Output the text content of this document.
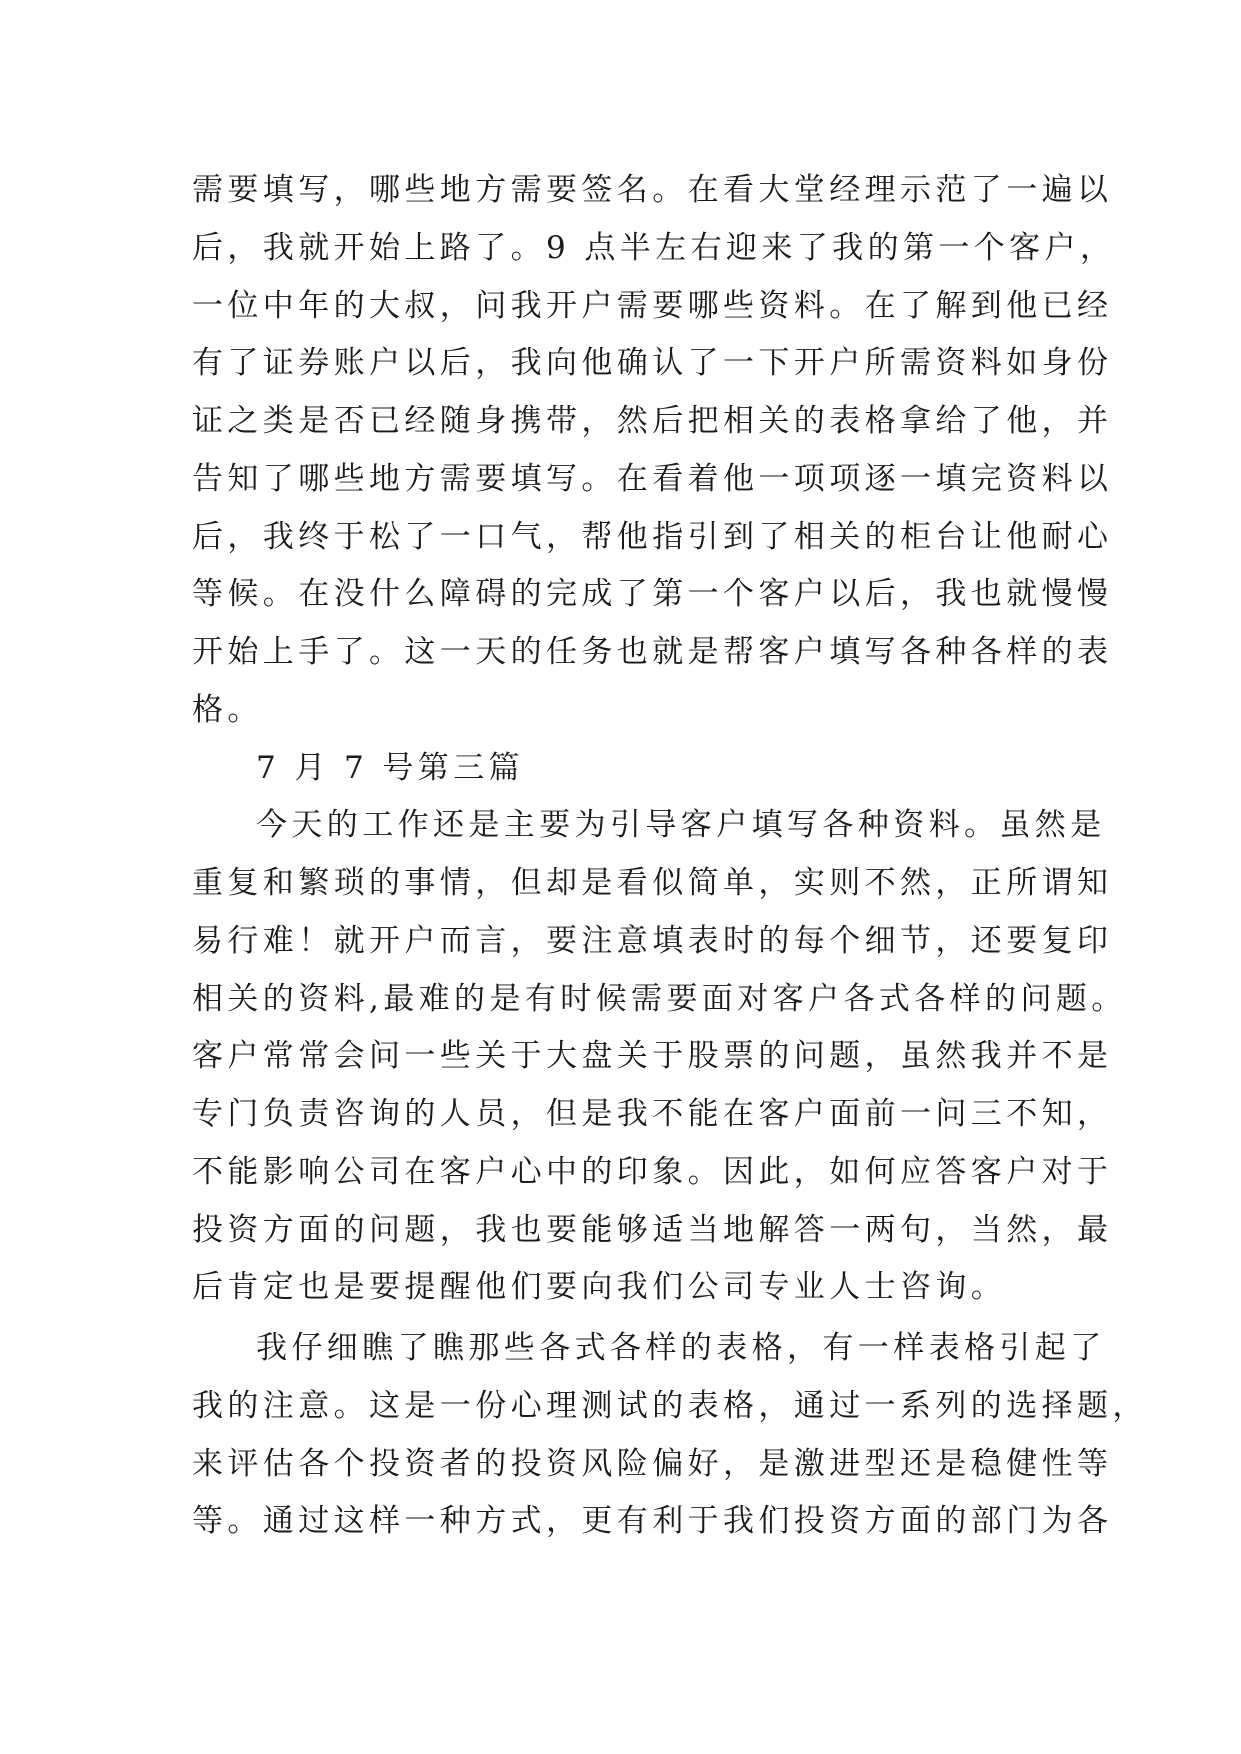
需要填写，哪些地方需要签名。在看大堂经理示范了一遍以
后，我就开始上路了。9 点半左右迎来了我的第一个客户，
一位中年的大叔，问我开户需要哪些资料。在了解到他已经
有了证券账户以后，我向他确认了一下开户所需资料如身份
证之类是否已经随身携带，然后把相关的表格拿给了他，并
告知了哪些地方需要填写。在看着他一项项逐一填完资料以
后，我终于松了一口气，帮他指引到了相关的柜台让他耐心
等候。在没什么障碍的完成了第一个客户以后，我也就慢慢
开始上手了。这一天的任务也就是帮客户填写各种各样的表
格。
7 月 7 号第三篇
今天的工作还是主要为引导客户填写各种资料。虽然是
重复和繁琐的事情，但却是看似简单，实则不然，正所谓知
易行难！就开户而言，要注意填表时的每个细节，还要复印
相关的资料,最难的是有时候需要面对客户各式各样的问题。
客户常常会问一些关于大盘关于股票的问题，虽然我并不是
专门负责咨询的人员，但是我不能在客户面前一问三不知，
不能影响公司在客户心中的印象。因此，如何应答客户对于
投资方面的问题，我也要能够适当地解答一两句，当然，最
后肯定也是要提醒他们要向我们公司专业人士咨询。
我仔细瞧了瞧那些各式各样的表格，有一样表格引起了
我的注意。这是一份心理测试的表格，通过一系列的选择题，
来评估各个投资者的投资风险偏好，是激进型还是稳健性等
等。通过这样一种方式，更有利于我们投资方面的部门为各
